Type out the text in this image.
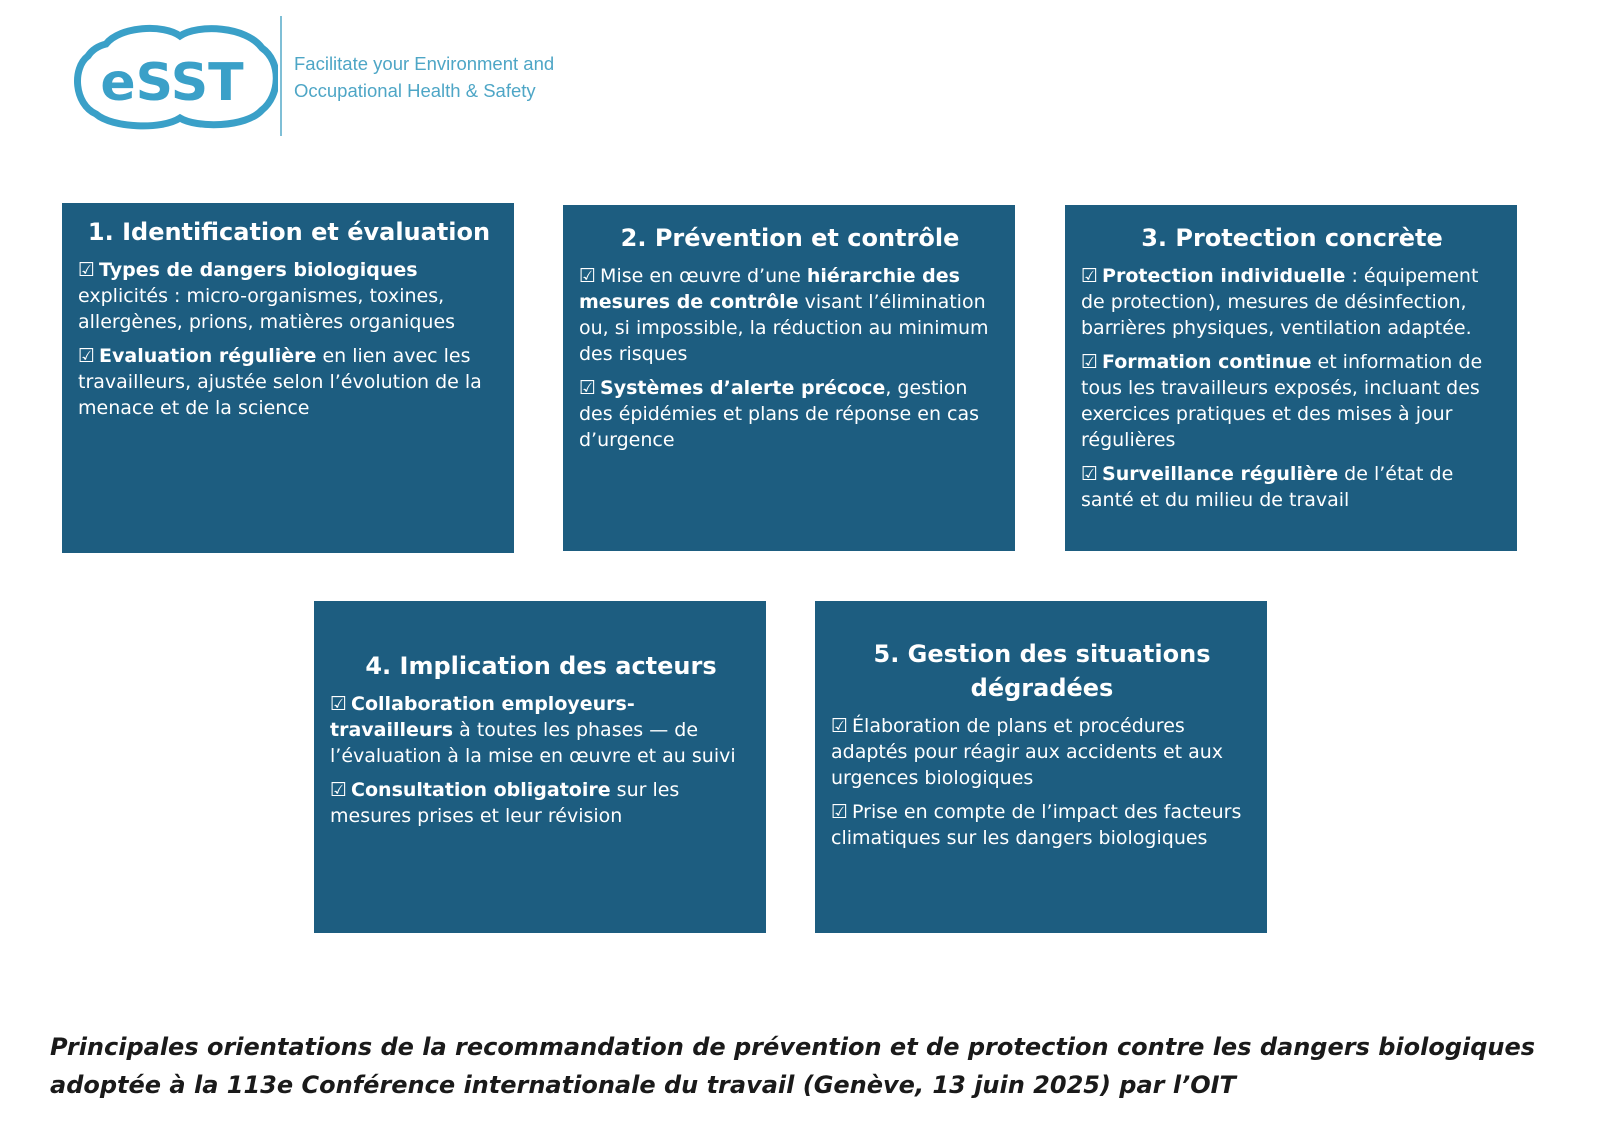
eSST	Facilitate your Environment and
Occupational Health & Safety
1. Identification et évaluation

☑ Types de dangers biologiques explicités : micro-organismes, toxines, allergènes, prions, matières organiques

☑ Evaluation régulière en lien avec les travailleurs, ajustée selon l’évolution de la menace et de la science

2. Prévention et contrôle

☑ Mise en œuvre d’une hiérarchie des mesures de contrôle visant l’élimination ou, si impossible, la réduction au minimum des risques

☑ Systèmes d’alerte précoce, gestion des épidémies et plans de réponse en cas d’urgence

3. Protection concrète

☑ Protection individuelle : équipement de protection), mesures de désinfection, barrières physiques, ventilation adaptée.

☑ Formation continue et information de tous les travailleurs exposés, incluant des exercices pratiques et des mises à jour régulières

☑ Surveillance régulière de l’état de santé et du milieu de travail

4. Implication des acteurs

☑ Collaboration employeurs-travailleurs à toutes les phases — de l’évaluation à la mise en œuvre et au suivi

☑ Consultation obligatoire sur les mesures prises et leur révision

5. Gestion des situations dégradées

☑ Élaboration de plans et procédures adaptés pour réagir aux accidents et aux urgences biologiques

☑ Prise en compte de l’impact des facteurs climatiques sur les dangers biologiques

Principales orientations de la recommandation de prévention et de protection contre les dangers biologiques
adoptée à la 113e Conférence internationale du travail (Genève, 13 juin 2025) par l’OIT
